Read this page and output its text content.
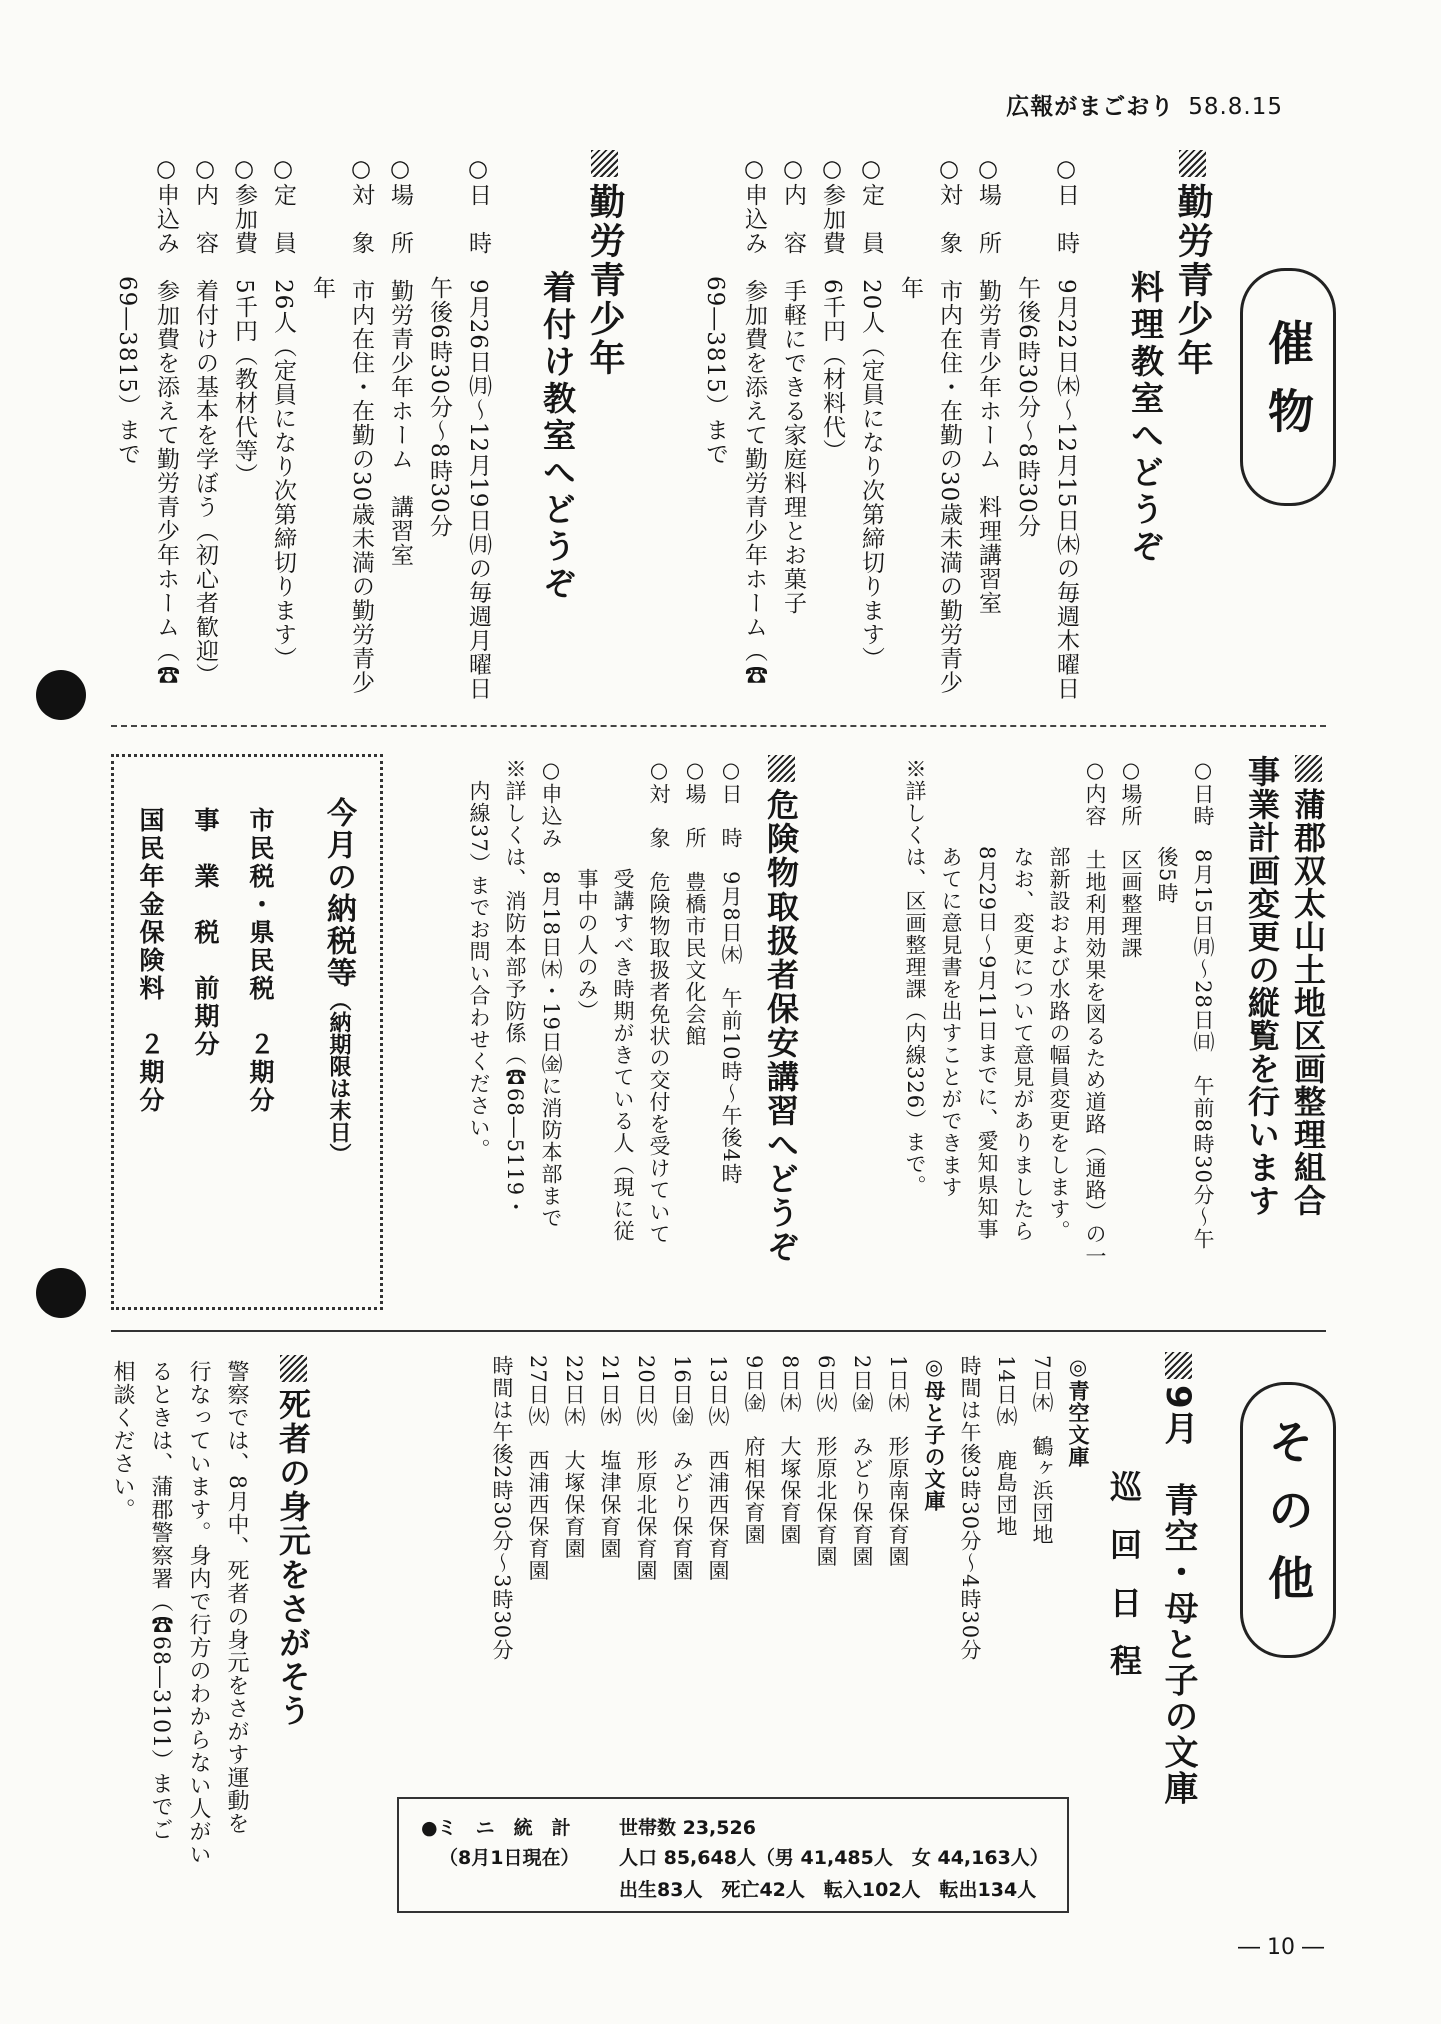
広報がまごおり 58.8.15
催物
その他
勤労青少年
料理教室へどうぞ
○日　時　9月22日㈭～12月15日㈭の毎週木曜日
　　　　　午後6時30分～8時30分
○場　所　勤労青少年ホーム　料理講習室
○対　象　市内在住・在勤の30歳未満の勤労青少
　　　　　年
○定　員　20人（定員になり次第締切ります）
○参加費　6千円（材料代）
○内　容　手軽にできる家庭料理とお菓子
○申込み　参加費を添えて勤労青少年ホーム（☎
　　　　　69―3815）まで
勤労青少年
着付け教室へどうぞ
○日　時　9月26日㈪～12月19日㈪の毎週月曜日
　　　　　午後6時30分～8時30分
○場　所　勤労青少年ホーム　講習室
○対　象　市内在住・在勤の30歳未満の勤労青少
　　　　　年
○定　員　26人（定員になり次第締切ります）
○参加費　5千円（教材代等）
○内　容　着付けの基本を学ぼう（初心者歓迎）
○申込み　参加費を添えて勤労青少年ホーム（☎
　　　　　69―3815）まで
蒲郡双太山土地区画整理組合
事業計画変更の縦覧を行います
○日時　8月15日㈪～28日㈰　午前8時30分～午
　　　　後5時
○場所　区画整理課
○内容　土地利用効果を図るため道路（通路）の一
　　　　部新設および水路の幅員変更をします。
　　　　なお、変更について意見がありましたら
　　　　8月29日～9月11日までに、愛知県知事
　　　　あてに意見書を出すことができます
※詳しくは、区画整理課（内線326）まで。
危険物取扱者保安講習へどうぞ
○日　時　9月8日㈭　午前10時～午後4時
○場　所　豊橋市民文化会館
○対　象　危険物取扱者免状の交付を受けていて
　　　　　受講すべき時期がきている人（現に従
　　　　　事中の人のみ）
○申込み　8月18日㈭・19日㈮に消防本部まで
※詳しくは、消防本部予防係（☎68―5119・
　内線37）までお問い合わせください。
今月の納税等（納期限は末日）
市民税・県民税　２期分
事　業　税　前期分
国民年金保険料　２期分
9月　青空・母と子の文庫
巡回日程
◎青空文庫
7日㈭　鶴ヶ浜団地
14日㈬　鹿島団地
時間は午後3時30分～4時30分
◎母と子の文庫
1日㈭　形原南保育園
2日㈮　みどり保育園
6日㈫　形原北保育園
8日㈭　大塚保育園
9日㈮　府相保育園
13日㈫　西浦西保育園
16日㈮　みどり保育園
20日㈫　形原北保育園
21日㈬　塩津保育園
22日㈭　大塚保育園
27日㈫　西浦西保育園
時間は午後2時30分～3時30分
死者の身元をさがそう
警察では、8月中、死者の身元をさがす運動を
行なっています。身内で行方のわからない人がい
るときは、蒲郡警察署（☎68―3101）までご
相談ください。
●ミ　ニ　統　計
（8月1日現在）
世帯数 23,526
人口 85,648人（男 41,485人　女 44,163人）
出生83人　死亡42人　転入102人　転出134人
― 10 ―
